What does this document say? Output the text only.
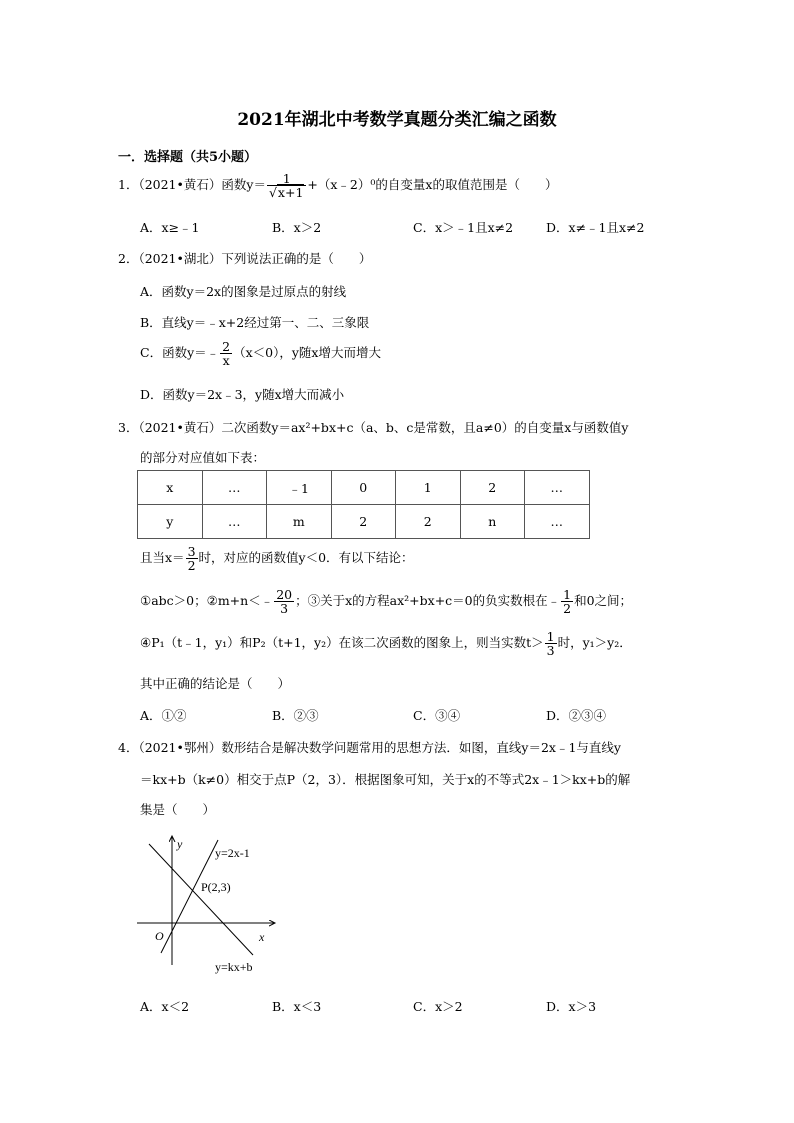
2021年湖北中考数学真题分类汇编之函数
一．选择题（共5小题）
1．（2021•黄石）函数$y= \frac{1}{√x+1}$ +（x﹣2）⁰的自变量x的取值范围是（　　）
A．x≥﹣1	B．x＞2	C．x＞﹣1且x≠2	D．x≠﹣1且x≠2
2．（2021•湖北）下列说法正确的是（　　）
A．函数y＝2x的图象是过原点的射线
B．直线y＝﹣x+2经过第一、二、三象限
C．函数y＝﹣ $\frac{2}{x} (x<0)$，y随x增大而增大
D．函数y＝2x﹣3，y随x增大而减小
3．（2021•黄石）二次函数y＝ax²+bx+c（a、b、c是常数，且a≠0）的自变量x与函数值y
的部分对应值如下表：
x	…	﹣1	0	1	2	…
y	…	m	2	2	n	…
且当$x= \frac{3}{2}$ 时，对应的函数值y＜0．有以下结论：
①abc＞0；②m+n＜﹣ $\frac{20}{3}$ ；③关于x的方程ax²+bx+c＝0的负实数根在﹣ $\frac{1}{2}$ 和0之间；
④P₁（t﹣1，y₁）和P₂（t+1，y₂）在该二次函数的图象上，则当实数$t> \frac{1}{3}$ 时，y₁＞y₂．
其中正确的结论是（　　）
A．①②	B．②③	C．③④	D．②③④
4．（2021•鄂州）数形结合是解决数学问题常用的思想方法．如图，直线y＝2x﹣1与直线y
＝kx+b（k≠0）相交于点P（2，3）．根据图象可知，关于x的不等式2x﹣1＞kx+b的解
集是（　　）
y
x
O
y=2x-1
P(2,3)
y=kx+b
A．x＜2	B．x＜3	C．x＞2	D．x＞3
